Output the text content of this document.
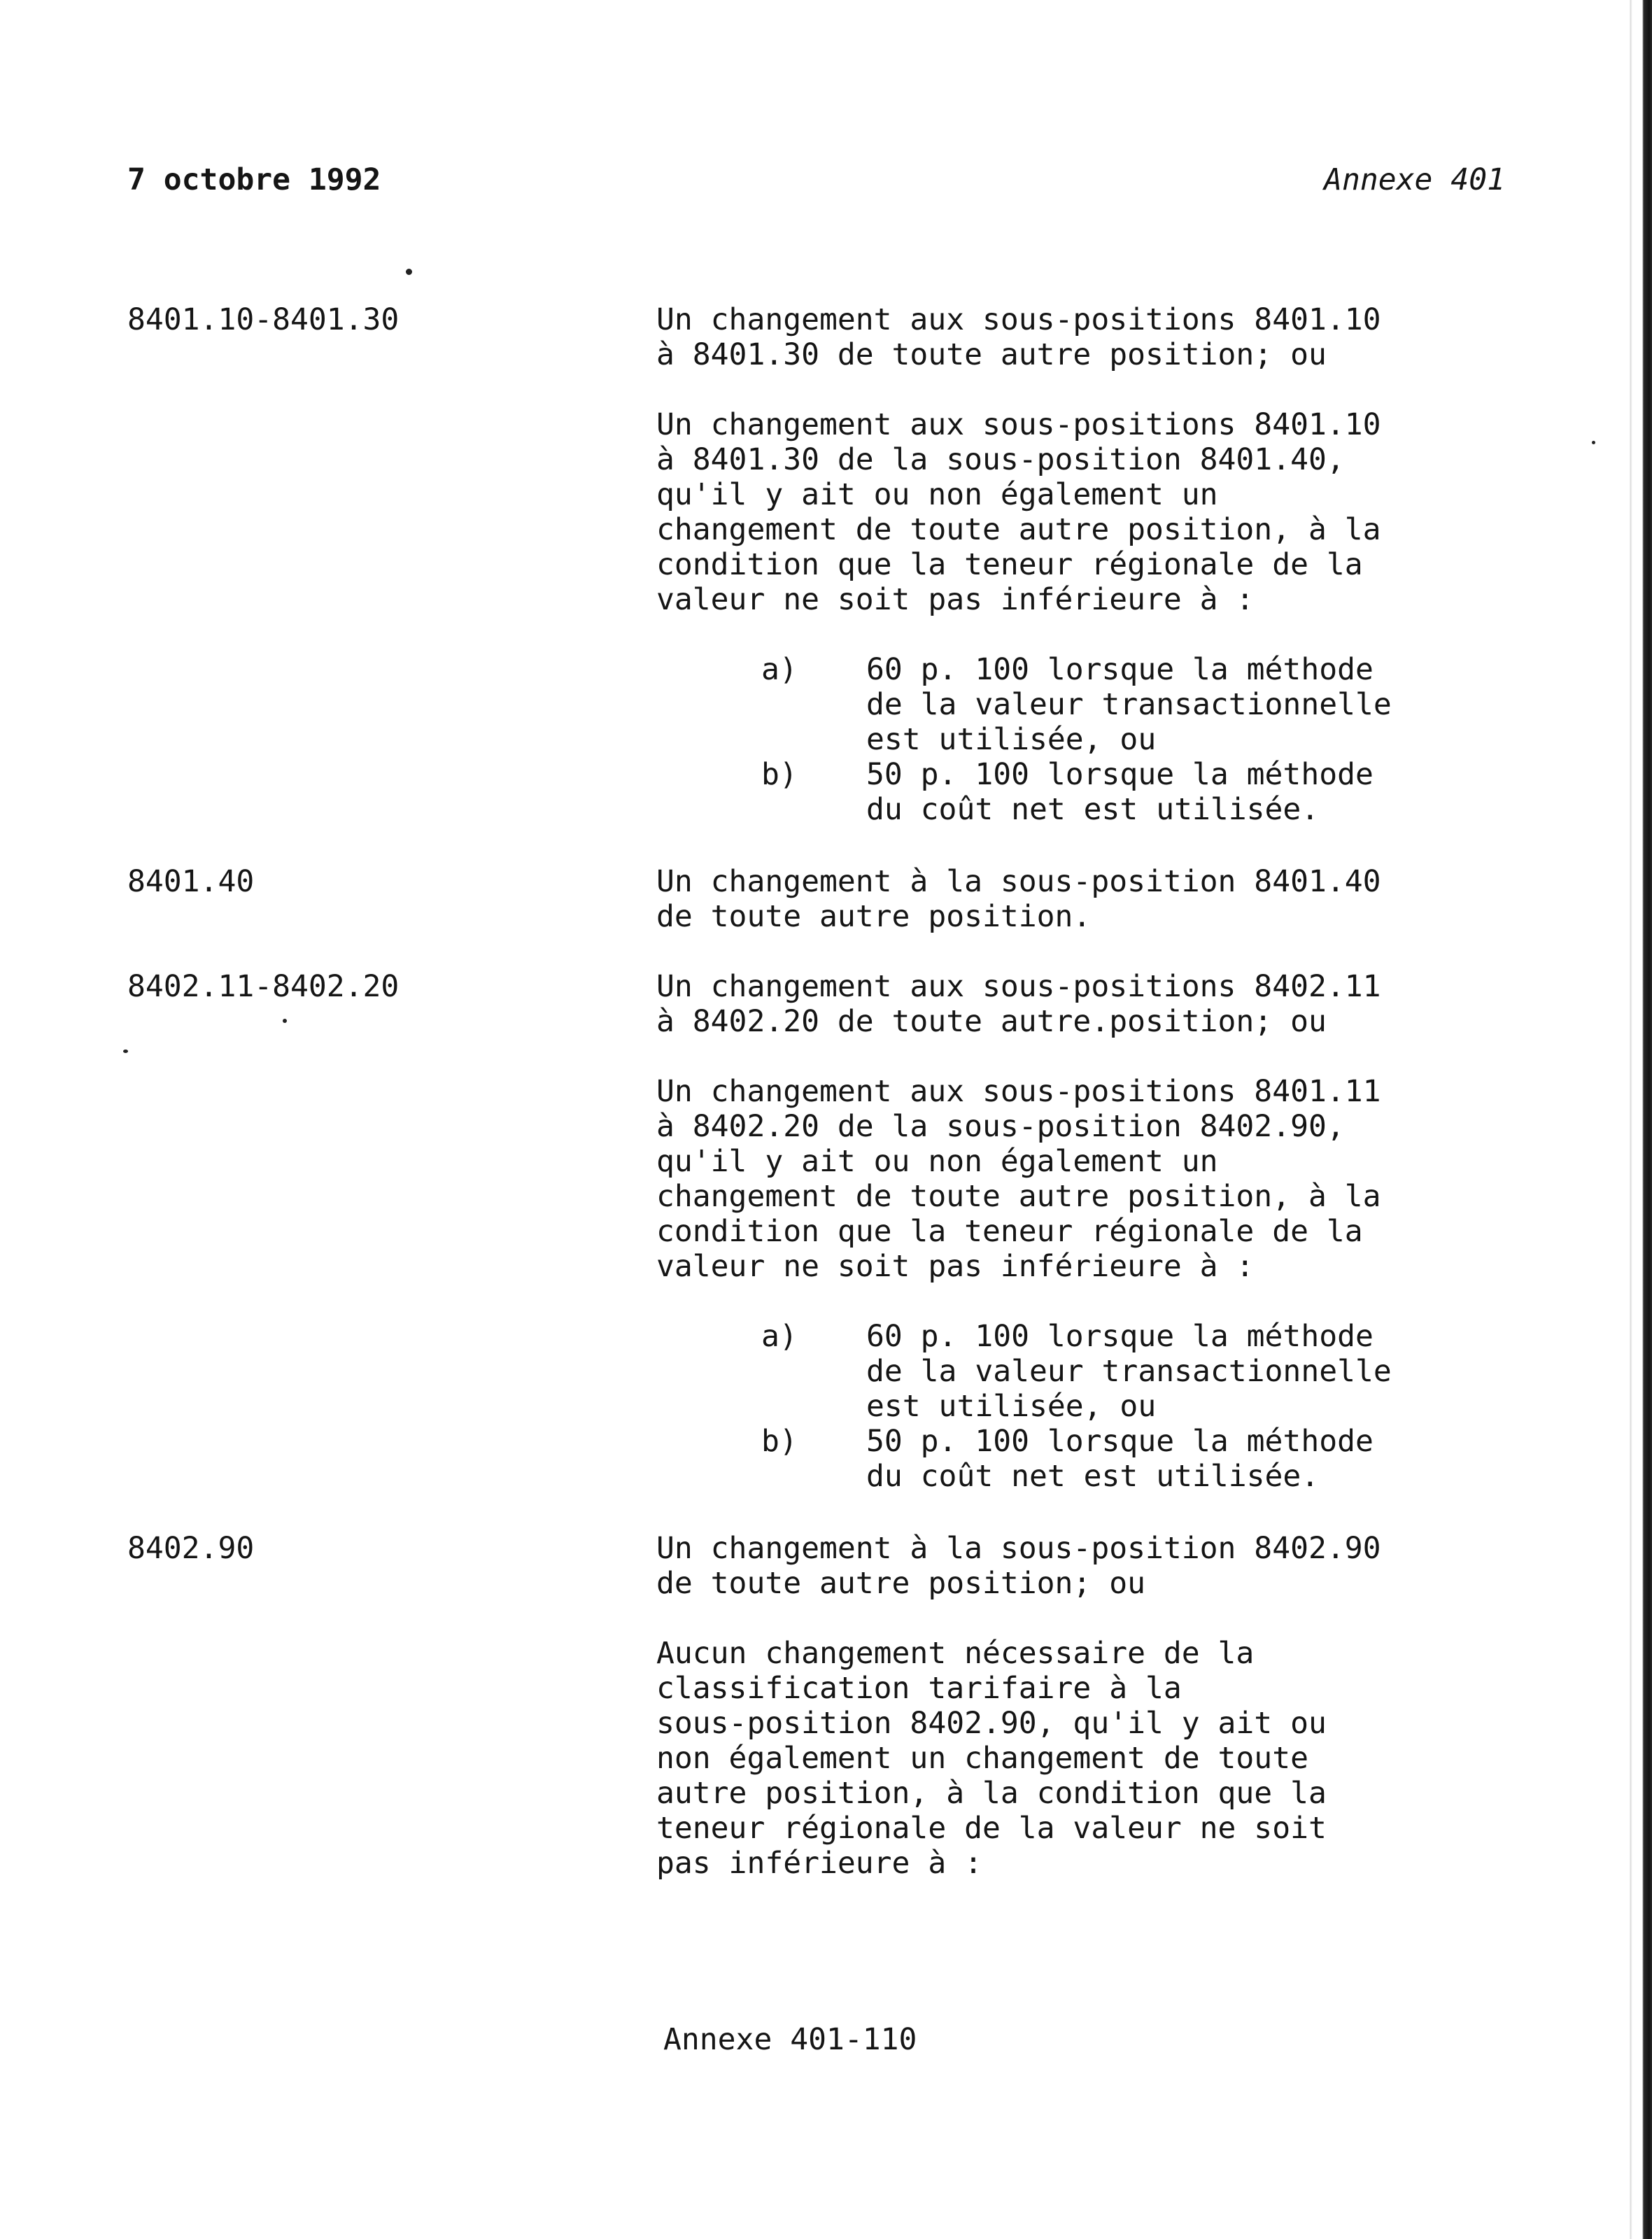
7 octobre 1992	Annexe 401
8401.10-8401.30	Un changement aux sous-positions 8401.10
à 8401.30 de toute autre position; ou

Un changement aux sous-positions 8401.10
à 8401.30 de la sous-position 8401.40,
qu'il y ait ou non également un
changement de toute autre position, à la
condition que la teneur régionale de la
valeur ne soit pas inférieure à :

a) 60 p. 100 lorsque la méthode
de la valeur transactionnelle
est utilisée, ou
b) 50 p. 100 lorsque la méthode
du coût net est utilisée.
8401.40	Un changement à la sous-position 8401.40
de toute autre position.

8402.11-8402.20	Un changement aux sous-positions 8402.11
à 8402.20 de toute autre.position; ou

Un changement aux sous-positions 8401.11
à 8402.20 de la sous-position 8402.90,
qu'il y ait ou non également un
changement de toute autre position, à la
condition que la teneur régionale de la
valeur ne soit pas inférieure à :

a) 60 p. 100 lorsque la méthode
de la valeur transactionnelle
est utilisée, ou
b) 50 p. 100 lorsque la méthode
du coût net est utilisée.
8402.90	Un changement à la sous-position 8402.90
de toute autre position; ou

Aucun changement nécessaire de la
classification tarifaire à la
sous-position 8402.90, qu'il y ait ou
non également un changement de toute
autre position, à la condition que la
teneur régionale de la valeur ne soit
pas inférieure à :

Annexe 401-110
